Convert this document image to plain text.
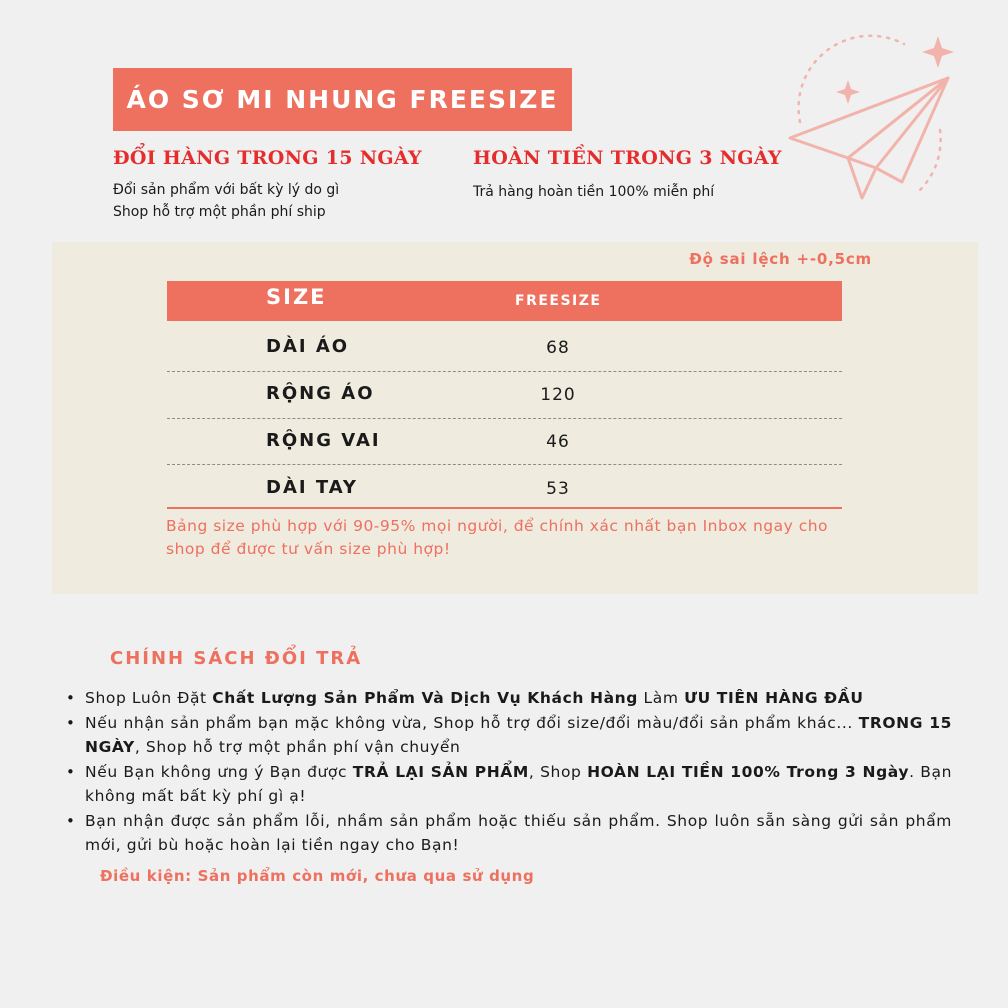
ÁO SƠ MI NHUNG FREESIZE
ĐỔI HÀNG TRONG 15 NGÀY
Đổi sản phẩm với bất kỳ lý do gì
Shop hỗ trợ một phần phí ship
HOÀN TIỀN TRONG 3 NGÀY
Trả hàng hoàn tiền 100% miễn phí
Độ sai lệch +-0,5cm
SIZE	FREESIZE
DÀI ÁO	68
RỘNG ÁO	120
RỘNG VAI	46
DÀI TAY	53
Bảng size phù hợp với 90-95% mọi người, để chính xác nhất bạn Inbox ngay cho shop để được tư vấn size phù hợp!
CHÍNH SÁCH ĐỔI TRẢ
• Shop Luôn Đặt Chất Lượng Sản Phẩm Và Dịch Vụ Khách Hàng Làm ƯU TIÊN HÀNG ĐẦU
• Nếu nhận sản phẩm bạn mặc không vừa, Shop hỗ trợ đổi size/đổi màu/đổi sản phẩm khác... TRONG 15 NGÀY, Shop hỗ trợ một phần phí vận chuyển
• Nếu Bạn không ưng ý Bạn được TRẢ LẠI SẢN PHẨM, Shop HOÀN LẠI TIỀN 100% Trong 3 Ngày. Bạn không mất bất kỳ phí gì ạ!
• Bạn nhận được sản phẩm lỗi, nhầm sản phẩm hoặc thiếu sản phẩm. Shop luôn sẵn sàng gửi sản phẩm mới, gửi bù hoặc hoàn lại tiền ngay cho Bạn!
Điều kiện: Sản phẩm còn mới, chưa qua sử dụng
